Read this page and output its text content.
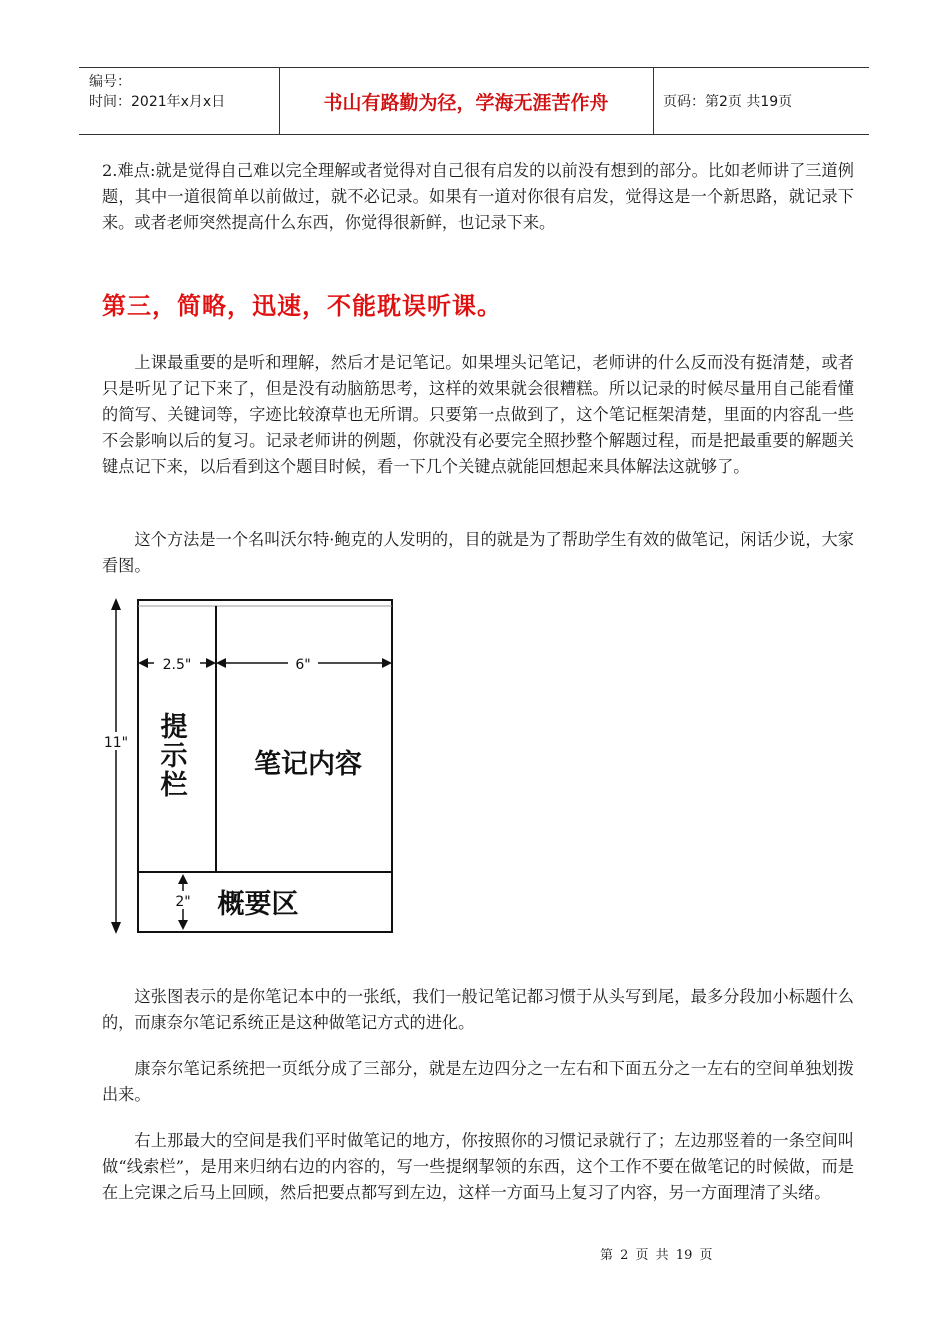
编号：
时间：2021年x月x日	书山有路勤为径，学海无涯苦作舟	页码：第2页 共19页

2.难点:就是觉得自己难以完全理解或者觉得对自己很有启发的以前没有想到的部分。比如老师讲了三道例题，其中一道很简单以前做过，就不必记录。如果有一道对你很有启发，觉得这是一个新思路，就记录下来。或者老师突然提高什么东西，你觉得很新鲜，也记录下来。

第三，简略，迅速，不能耽误听课。

上课最重要的是听和理解，然后才是记笔记。如果埋头记笔记，老师讲的什么反而没有挺清楚，或者只是听见了记下来了，但是没有动脑筋思考，这样的效果就会很糟糕。所以记录的时候尽量用自己能看懂的简写、关键词等，字迹比较潦草也无所谓。只要第一点做到了，这个笔记框架清楚，里面的内容乱一些不会影响以后的复习。记录老师讲的例题，你就没有必要完全照抄整个解题过程，而是把最重要的解题关键点记下来，以后看到这个题目时候，看一下几个关键点就能回想起来具体解法这就够了。

这个方法是一个名叫沃尔特·鲍克的人发明的，目的就是为了帮助学生有效的做笔记，闲话少说，大家看图。

11"
2.5"	6"
2"
提示栏	笔记内容
概要区

这张图表示的是你笔记本中的一张纸，我们一般记笔记都习惯于从头写到尾，最多分段加小标题什么的，而康奈尔笔记系统正是这种做笔记方式的进化。

康奈尔笔记系统把一页纸分成了三部分，就是左边四分之一左右和下面五分之一左右的空间单独划拨出来。

右上那最大的空间是我们平时做笔记的地方，你按照你的习惯记录就行了；左边那竖着的一条空间叫做“线索栏”，是用来归纳右边的内容的，写一些提纲挈领的东西，这个工作不要在做笔记的时候做，而是在上完课之后马上回顾，然后把要点都写到左边，这样一方面马上复习了内容，另一方面理清了头绪。

第 2 页 共 19 页
